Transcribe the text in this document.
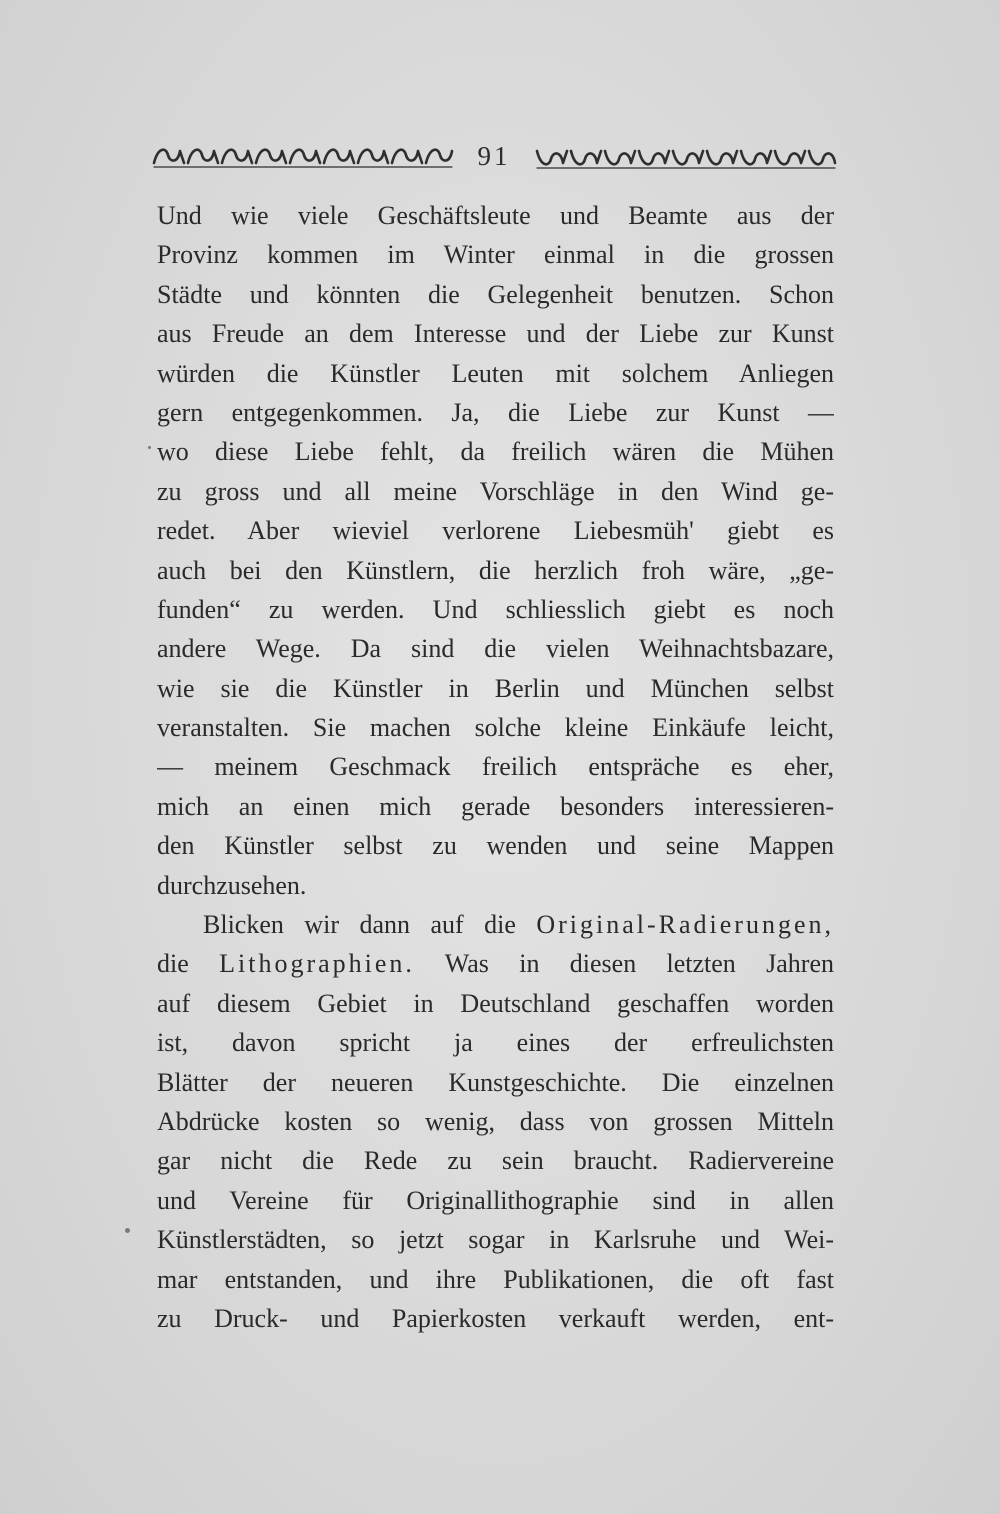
91
Und wie viele Geschäftsleute und Beamte aus der
Provinz kommen im Winter einmal in die grossen
Städte und könnten die Gelegenheit benutzen. Schon
aus Freude an dem Interesse und der Liebe zur Kunst
würden die Künstler Leuten mit solchem Anliegen
gern entgegenkommen. Ja, die Liebe zur Kunst —
wo diese Liebe fehlt, da freilich wären die Mühen
zu gross und all meine Vorschläge in den Wind ge-
redet. Aber wieviel verlorene Liebesmüh' giebt es
auch bei den Künstlern, die herzlich froh wäre, „ge-
funden“ zu werden. Und schliesslich giebt es noch
andere Wege. Da sind die vielen Weihnachtsbazare,
wie sie die Künstler in Berlin und München selbst
veranstalten. Sie machen solche kleine Einkäufe leicht,
— meinem Geschmack freilich entspräche es eher,
mich an einen mich gerade besonders interessieren-
den Künstler selbst zu wenden und seine Mappen
durchzusehen.
Blicken wir dann auf die Original-Radierungen,
die Lithographien. Was in diesen letzten Jahren
auf diesem Gebiet in Deutschland geschaffen worden
ist, davon spricht ja eines der erfreulichsten
Blätter der neueren Kunstgeschichte. Die einzelnen
Abdrücke kosten so wenig, dass von grossen Mitteln
gar nicht die Rede zu sein braucht. Radiervereine
und Vereine für Originallithographie sind in allen
Künstlerstädten, so jetzt sogar in Karlsruhe und Wei-
mar entstanden, und ihre Publikationen, die oft fast
zu Druck- und Papierkosten verkauft werden, ent-
